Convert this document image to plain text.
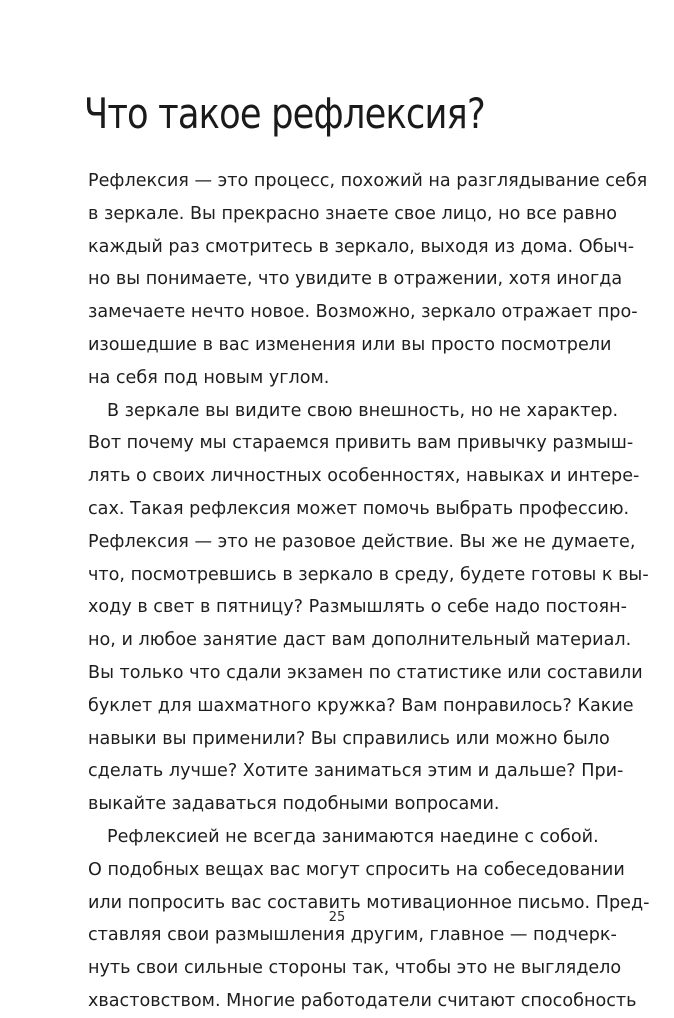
Что такое рефлексия?
Рефлексия — это процесс, похожий на разглядывание себя
в зеркале. Вы прекрасно знаете свое лицо, но все равно
каждый раз смотритесь в зеркало, выходя из дома. Обыч-
но вы понимаете, что увидите в отражении, хотя иногда
замечаете нечто новое. Возможно, зеркало отражает про-
изошедшие в вас изменения или вы просто посмотрели
на себя под новым углом.
В зеркале вы видите свою внешность, но не характер.
Вот почему мы стараемся привить вам привычку размыш-
лять о своих личностных особенностях, навыках и интере-
сах. Такая рефлексия может помочь выбрать профессию.
Рефлексия — это не разовое действие. Вы же не думаете,
что, посмотревшись в зеркало в среду, будете готовы к вы-
ходу в свет в пятницу? Размышлять о себе надо постоян-
но, и любое занятие даст вам дополнительный материал.
Вы только что сдали экзамен по статистике или составили
буклет для шахматного кружка? Вам понравилось? Какие
навыки вы применили? Вы справились или можно было
сделать лучше? Хотите заниматься этим и дальше? При-
выкайте задаваться подобными вопросами.
Рефлексией не всегда занимаются наедине с собой.
О подобных вещах вас могут спросить на собеседовании
или попросить вас составить мотивационное письмо. Пред-
ставляя свои размышления другим, главное — подчерк-
нуть свои сильные стороны так, чтобы это не выглядело
хвастовством. Многие работодатели считают способность
25
